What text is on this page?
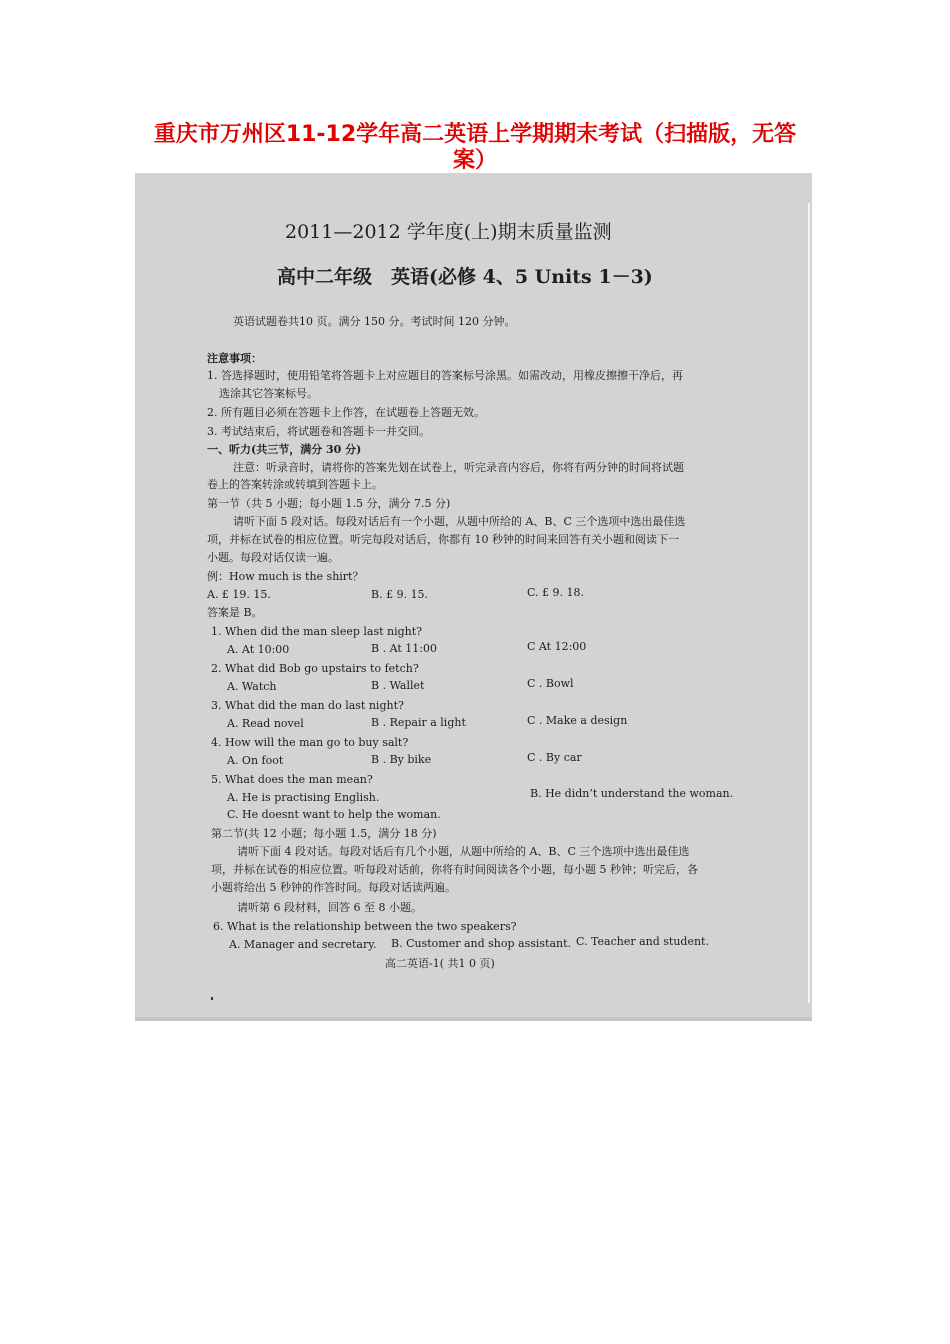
重庆市万州区11-12学年高二英语上学期期末考试（扫描版，无答案）

2011—2012 学年度(上)期末质量监测

高中二年级　英语(必修 4、5 Units 1－3)

英语试题卷共10 页。满分 150 分。考试时间 120 分钟。

注意事项：

1. 答选择题时，使用铅笔将答题卡上对应题目的答案标号涂黑。如需改动，用橡皮擦擦干净后，再

选涂其它答案标号。

2. 所有题目必须在答题卡上作答，在试题卷上答题无效。

3. 考试结束后，将试题卷和答题卡一并交回。

一、听力(共三节，满分 30 分)

注意：听录音时，请将你的答案先划在试卷上，听完录音内容后，你将有两分钟的时间将试题

卷上的答案转涂或转填到答题卡上。

第一节（共 5 小题；每小题 1.5 分，满分 7.5 分)

请听下面 5 段对话。每段对话后有一个小题，从题中所给的 A、B、C 三个选项中选出最佳选

项，并标在试卷的相应位置。听完每段对话后，你都有 10 秒钟的时间来回答有关小题和阅读下一

小题。每段对话仅读一遍。

例：How much is the shirt？

A. £ 19. 15.	B. £ 9. 15.	C. £ 9. 18.

答案是 B。

1. When did the man sleep last night?

A. At 10:00	B . At 11:00	C At 12:00

2. What did Bob go upstairs to fetch?

A. Watch	B . Wallet	C . Bowl

3. What did the man do last night?

A. Read novel	B . Repair a light	C . Make a design

4. How will the man go to buy salt?

A. On foot	B . By bike	C . By car

5. What does the man mean?

A. He is practising English.	B. He didn’t understand the woman.
C. He doesnt want to help the woman.

第二节(共 12 小题；每小题 1.5，满分 18 分)

请听下面 4 段对话。每段对话后有几个小题，从题中所给的 A、B、C 三个选项中选出最佳选

项，并标在试卷的相应位置。听每段对话前，你将有时间阅读各个小题，每小题 5 秒钟；听完后，各

小题将给出 5 秒钟的作答时间。每段对话读两遍。

请听第 6 段材料，回答 6 至 8 小题。

6. What is the relationship between the two speakers?

A. Manager and secretary. B. Customer and shop assistant. C. Teacher and student.

高二英语-1( 共1 0 页)
